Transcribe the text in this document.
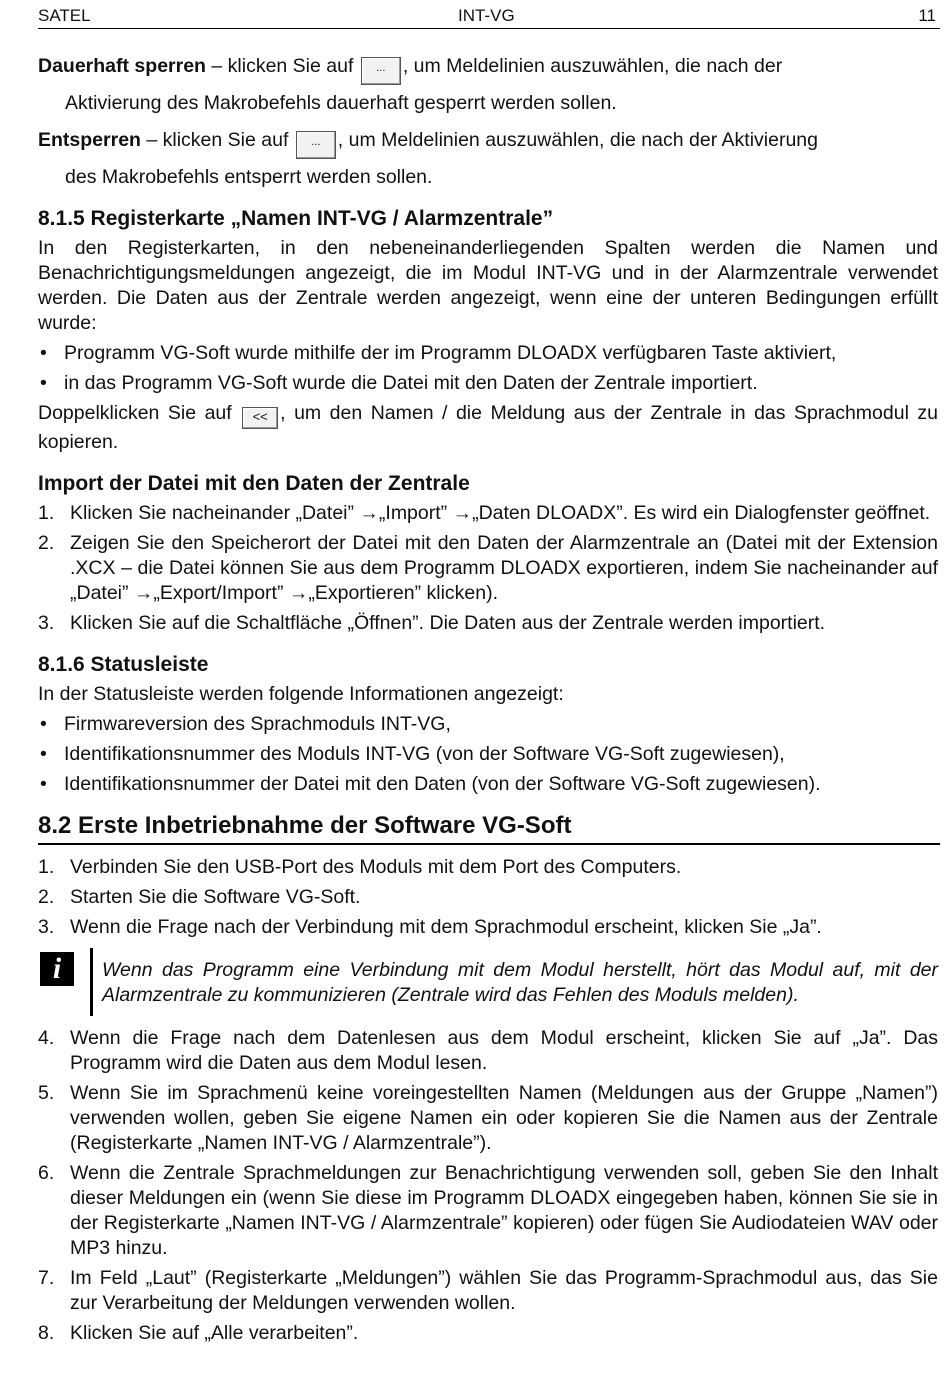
SATEL	INT-VG	11

Dauerhaft sperren – klicken Sie auf ... , um Meldelinien auszuwählen, die nach der
Aktivierung des Makrobefehls dauerhaft gesperrt werden sollen.

Entsperren – klicken Sie auf ... , um Meldelinien auszuwählen, die nach der Aktivierung
des Makrobefehls entsperrt werden sollen.

8.1.5 Registerkarte „Namen INT-VG / Alarmzentrale”

In den Registerkarten, in den nebeneinanderliegenden Spalten werden die Namen und Benachrichtigungsmeldungen angezeigt, die im Modul INT-VG und in der Alarmzentrale verwendet werden. Die Daten aus der Zentrale werden angezeigt, wenn eine der unteren Bedingungen erfüllt wurde:

• Programm VG-Soft wurde mithilfe der im Programm DLOADX verfügbaren Taste aktiviert,
• in das Programm VG-Soft wurde die Datei mit den Daten der Zentrale importiert.

Doppelklicken Sie auf << , um den Namen / die Meldung aus der Zentrale in das Sprachmodul zu kopieren.

Import der Datei mit den Daten der Zentrale
1. Klicken Sie nacheinander „Datei” →„Import” →„Daten DLOADX”. Es wird ein Dialogfenster geöffnet.
2. Zeigen Sie den Speicherort der Datei mit den Daten der Alarmzentrale an (Datei mit der Extension .XCX – die Datei können Sie aus dem Programm DLOADX exportieren, indem Sie nacheinander auf „Datei” →„Export/Import” →„Exportieren” klicken).
3. Klicken Sie auf die Schaltfläche „Öffnen”. Die Daten aus der Zentrale werden importiert.
8.1.6 Statusleiste

In der Statusleiste werden folgende Informationen angezeigt:

• Firmwareversion des Sprachmoduls INT-VG,
• Identifikationsnummer des Moduls INT-VG (von der Software VG-Soft zugewiesen),
• Identifikationsnummer der Datei mit den Daten (von der Software VG-Soft zugewiesen).
8.2 Erste Inbetriebnahme der Software VG-Soft
1. Verbinden Sie den USB-Port des Moduls mit dem Port des Computers.
2. Starten Sie die Software VG-Soft.
3. Wenn die Frage nach der Verbindung mit dem Sprachmodul erscheint, klicken Sie „Ja”.
i	Wenn das Programm eine Verbindung mit dem Modul herstellt, hört das Modul auf, mit der Alarmzentrale zu kommunizieren (Zentrale wird das Fehlen des Moduls melden).
4. Wenn die Frage nach dem Datenlesen aus dem Modul erscheint, klicken Sie auf „Ja”. Das Programm wird die Daten aus dem Modul lesen.
5. Wenn Sie im Sprachmenü keine voreingestellten Namen (Meldungen aus der Gruppe „Namen”) verwenden wollen, geben Sie eigene Namen ein oder kopieren Sie die Namen aus der Zentrale (Registerkarte „Namen INT-VG / Alarmzentrale”).
6. Wenn die Zentrale Sprachmeldungen zur Benachrichtigung verwenden soll, geben Sie den Inhalt dieser Meldungen ein (wenn Sie diese im Programm DLOADX eingegeben haben, können Sie sie in der Registerkarte „Namen INT-VG / Alarmzentrale” kopieren) oder fügen Sie Audiodateien WAV oder MP3 hinzu.
7. Im Feld „Laut” (Registerkarte „Meldungen”) wählen Sie das Programm-Sprachmodul aus, das Sie zur Verarbeitung der Meldungen verwenden wollen.
8. Klicken Sie auf „Alle verarbeiten”.
